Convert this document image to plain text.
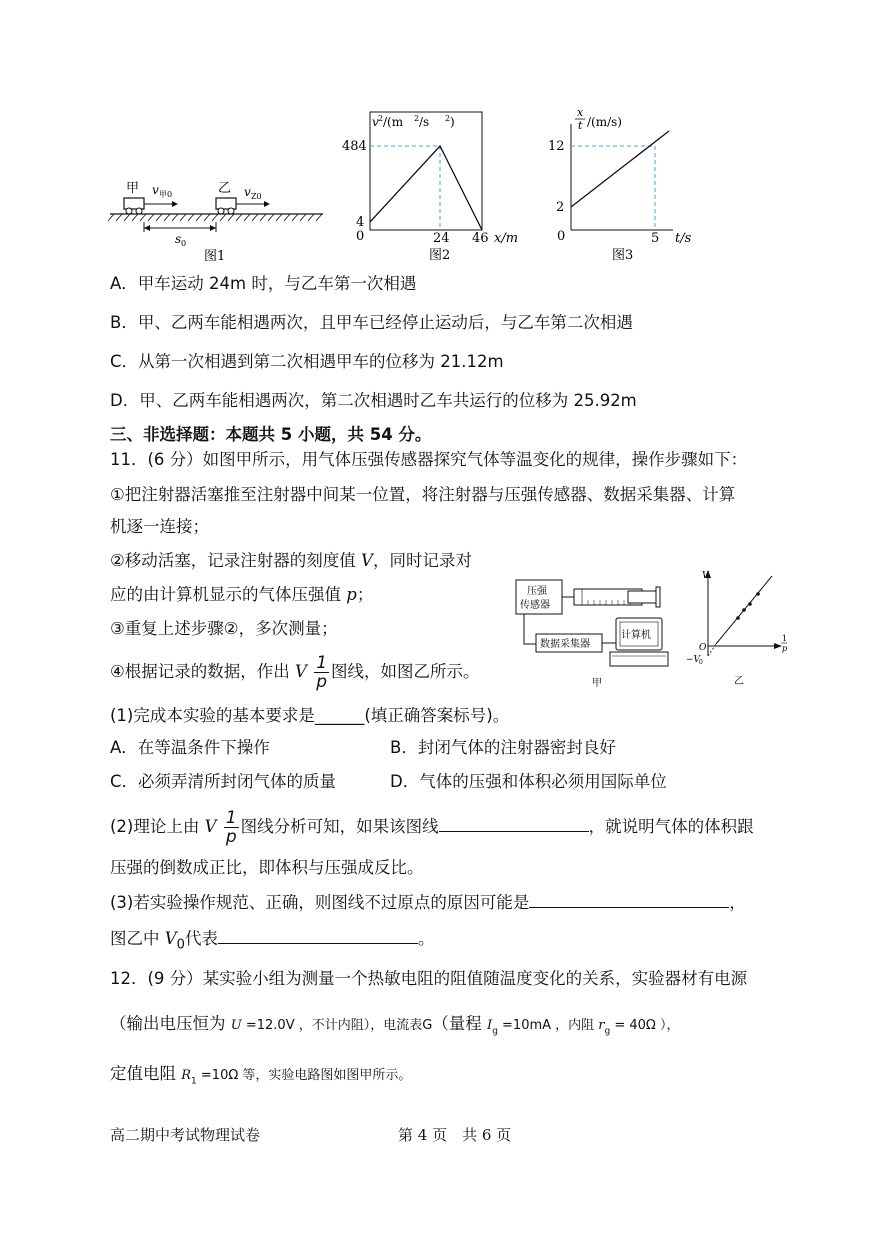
甲 v 甲0	乙 v Z0
s 0
图1
v 2 /(m 2 /s 2 )
484
4
0	24 46 x/m
图2
x
t /(m/s)
12
2
0	5 t/s
图3
A．甲车运动 24m 时，与乙车第一次相遇
B．甲、乙两车能相遇两次，且甲车已经停止运动后，与乙车第二次相遇
C．从第一次相遇到第二次相遇甲车的位移为 21.12m
D．甲、乙两车能相遇两次，第二次相遇时乙车共运行的位移为 25.92m
三、非选择题：本题共 5 小题，共 54 分。
11．(6 分）如图甲所示，用气体压强传感器探究气体等温变化的规律，操作步骤如下：
①把注射器活塞推至注射器中间某一位置，将注射器与压强传感器、数据采集器、计算
机逐一连接；
②移动活塞，记录注射器的刻度值 V，同时记录对
应的由计算机显示的气体压强值 p；
③重复上述步骤②，多次测量；
④根据记录的数据，作出 V $\frac{1}{p}$ 图线，如图乙所示。
压强
传感器
数据采集器
计算机
甲
V
O
−V
0
1
p
乙
(1)完成本实验的基本要求是______(填正确答案标号)。
A．在等温条件下操作	B．封闭气体的注射器密封良好
C．必须弄清所封闭气体的质量	D．气体的压强和体积必须用国际单位
(2)理论上由 V $\frac{1}{p}$ 图线分析可知，如果该图线	，就说明气体的体积跟
压强的倒数成正比，即体积与压强成反比。
(3)若实验操作规范、正确，则图线不过原点的原因可能是	，
图乙中 $V_0$代表	。
12．(9 分）某实验小组为测量一个热敏电阻的阻值随温度变化的关系，实验器材有电源
（输出电压恒为 U =12.0V ，不计内阻），电流表G（量程 $I_g =10mA$ ，内阻 $r_g = 40\Omega$ ），
定值电阻 $R_1 =10\Omega$ 等，实验电路图如图甲所示。
高二期中考试物理试卷	第 4 页　共 6 页
